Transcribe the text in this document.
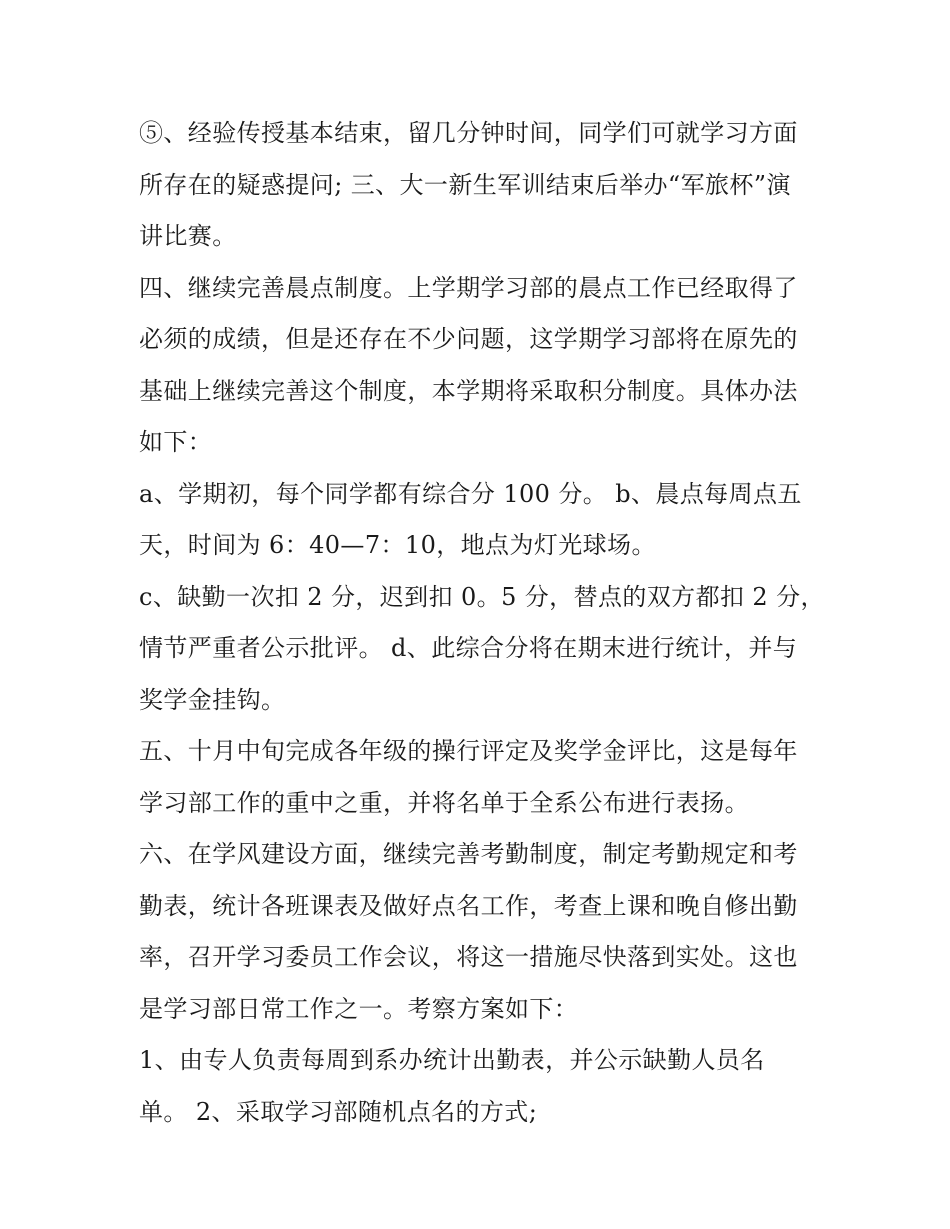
⑤、经验传授基本结束，留几分钟时间，同学们可就学习方面
所存在的疑惑提问; 三、大一新生军训结束后举办“军旅杯”演
讲比赛。
四、继续完善晨点制度。上学期学习部的晨点工作已经取得了
必须的成绩，但是还存在不少问题，这学期学习部将在原先的
基础上继续完善这个制度，本学期将采取积分制度。具体办法
如下：
a、学期初，每个同学都有综合分 100 分。 b、晨点每周点五
天，时间为 6：40—7：10，地点为灯光球场。
c、缺勤一次扣 2 分，迟到扣 0。5 分，替点的双方都扣 2 分，
情节严重者公示批评。 d、此综合分将在期末进行统计，并与
奖学金挂钩。
五、十月中旬完成各年级的操行评定及奖学金评比，这是每年
学习部工作的重中之重，并将名单于全系公布进行表扬。
六、在学风建设方面，继续完善考勤制度，制定考勤规定和考
勤表，统计各班课表及做好点名工作，考查上课和晚自修出勤
率，召开学习委员工作会议，将这一措施尽快落到实处。这也
是学习部日常工作之一。考察方案如下：
1、由专人负责每周到系办统计出勤表，并公示缺勤人员名
单。 2、采取学习部随机点名的方式;
